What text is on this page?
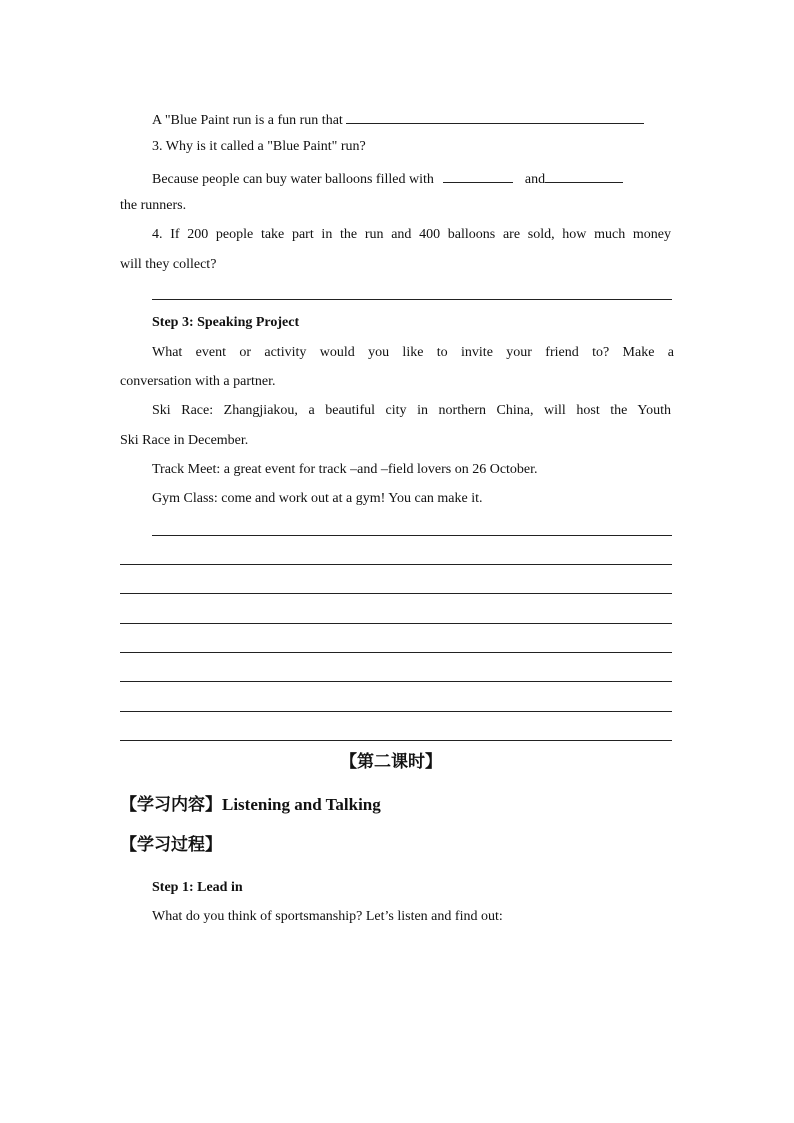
A "Blue Paint run is a fun run that
3. Why is it called a "Blue Paint" run?
Because people can buy water balloons filled with	and
the runners.
4. If 200 people take part in the run and 400 balloons are sold, how much money
will they collect?
Step 3: Speaking Project
What event or activity would you like to invite your friend to? Make a
conversation with a partner.
Ski Race: Zhangjiakou, a beautiful city in northern China, will host the Youth
Ski Race in December.
Track Meet: a great event for track –and –field lovers on 26 October.
Gym Class: come and work out at a gym! You can make it.
【第二课时】
【学习内容】Listening and Talking
【学习过程】
Step 1: Lead in
What do you think of sportsmanship? Let’s listen and find out:
